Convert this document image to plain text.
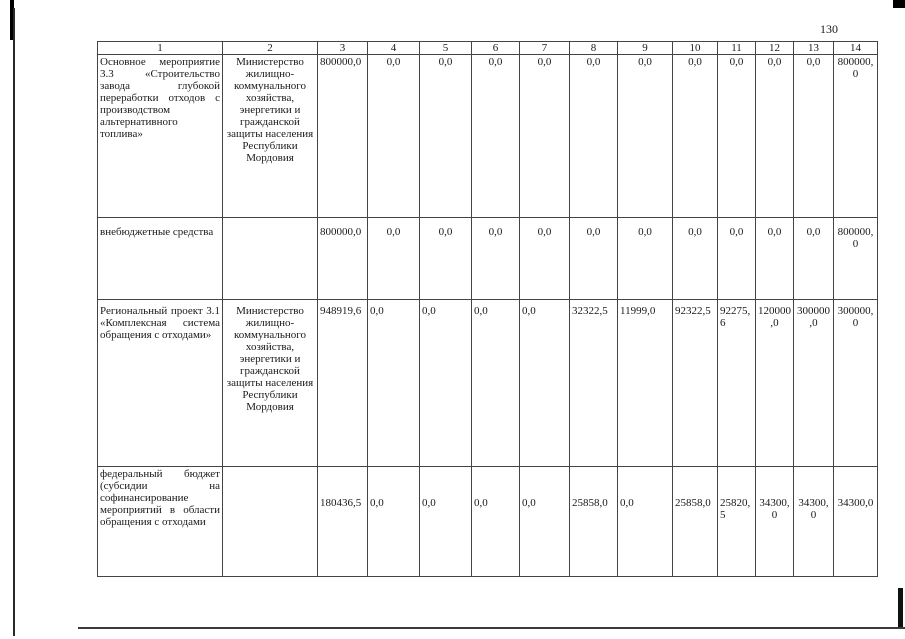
130
1	2	3	4	5	6	7	8	9	10	11	12	13	14
Основное мероприятие 3.3 «Строительство завода глубокой переработки отходов с производством альтернативного топлива»	Министерство жилищно-коммунального хозяйства, энергетики и гражданской защиты населения Республики Мордовия	800000,0	0,0	0,0	0,0	0,0	0,0	0,0	0,0	0,0	0,0	0,0	800000,0
внебюджетные средства		800000,0	0,0	0,0	0,0	0,0	0,0	0,0	0,0	0,0	0,0	0,0	800000,0
Региональный проект 3.1 «Комплексная система обращения с отходами»	Министерство жилищно-коммунального хозяйства, энергетики и гражданской защиты населения Республики Мордовия	948919,6	0,0	0,0	0,0	0,0	32322,5	11999,0	92322,5	92275,6	120000,0	300000,0	300000,0
федеральный бюджет (субсидии на софинансирование мероприятий в области обращения с отходами		180436,5	0,0	0,0	0,0	0,0	25858,0	0,0	25858,0	25820,5	34300,0	34300,0	34300,0
